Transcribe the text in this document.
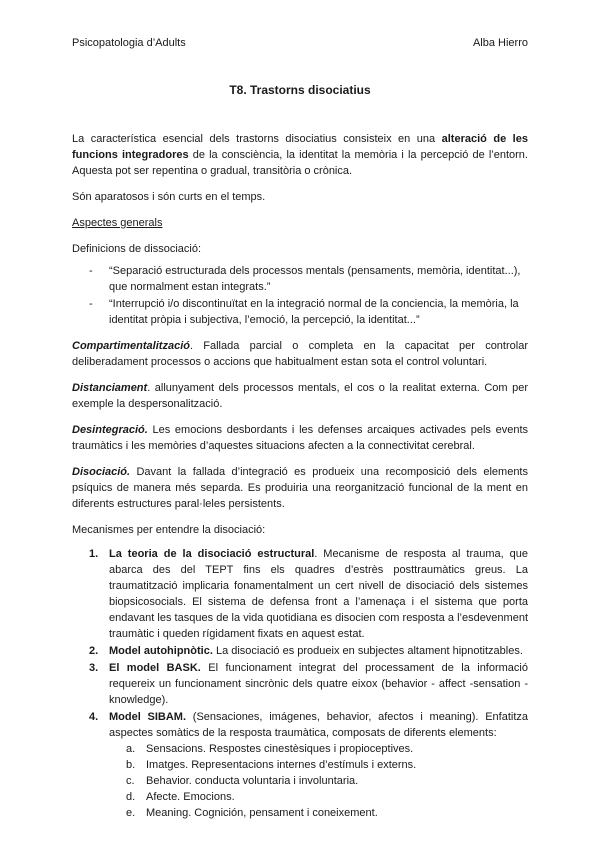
Psicopatologia d’Adults	Alba Hierro
T8. Trastorns disociatius

La característica esencial dels trastorns disociatius consisteix en una alteració de les funcions integradores de la consciència, la identitat la memòria i la percepció de l’entorn. Aquesta pot ser repentina o gradual, transitòria o crònica.

Són aparatosos i són curts en el temps.

Aspectes generals

Definicions de dissociació:

- “Separació estructurada dels processos mentals (pensaments, memòria, identitat...), que normalment estan integrats.”
- “Interrupció i/o discontinuïtat en la integració normal de la conciencia, la memòria, la identitat pròpia i subjectiva, l’emoció, la percepció, la identitat...”

Compartimentalització. Fallada parcial o completa en la capacitat per controlar deliberadament processos o accions que habitualment estan sota el control voluntari.

Distanciament. allunyament dels processos mentals, el cos o la realitat externa. Com per exemple la despersonalització.

Desintegració. Les emocions desbordants i les defenses arcaiques activades pels events traumàtics i les memòries d’aquestes situacions afecten a la connectivitat cerebral.

Disociació. Davant la fallada d’integració es produeix una recomposició dels elements psíquics de manera més separda. Es produiria una reorganització funcional de la ment en diferents estructures paral·leles persistents.

Mecanismes per entendre la disociació:

1. La teoria de la disociació estructural. Mecanisme de resposta al trauma, que abarca des del TEPT fins els quadres d’estrès posttraumàtics greus. La traumatització implicaria fonamentalment un cert nivell de disociació dels sistemes biopsicosocials. El sistema de defensa front a l’amenaça i el sistema que porta endavant les tasques de la vida quotidiana es disocien com resposta a l’esdevenment traumàtic i queden rígidament fixats en aquest estat.
2. Model autohipnòtic. La disociació es produeix en subjectes altament hipnotitzables.
3. El model BASK. El funcionament integrat del processament de la informació requereix un funcionament sincrònic dels quatre eixox (behavior - affect -sensation - knowledge).
4. Model SIBAM. (Sensaciones, imágenes, behavior, afectos i meaning). Enfatitza aspectes somàtics de la resposta traumàtica, composats de diferents elements:
a. Sensacions. Respostes cinestèsiques i propioceptives.
b. Imatges. Representacions internes d’estímuls i externs.
c. Behavior. conducta voluntaria i involuntaria.
d. Afecte. Emocions.
e. Meaning. Cognición, pensament i coneixement.
